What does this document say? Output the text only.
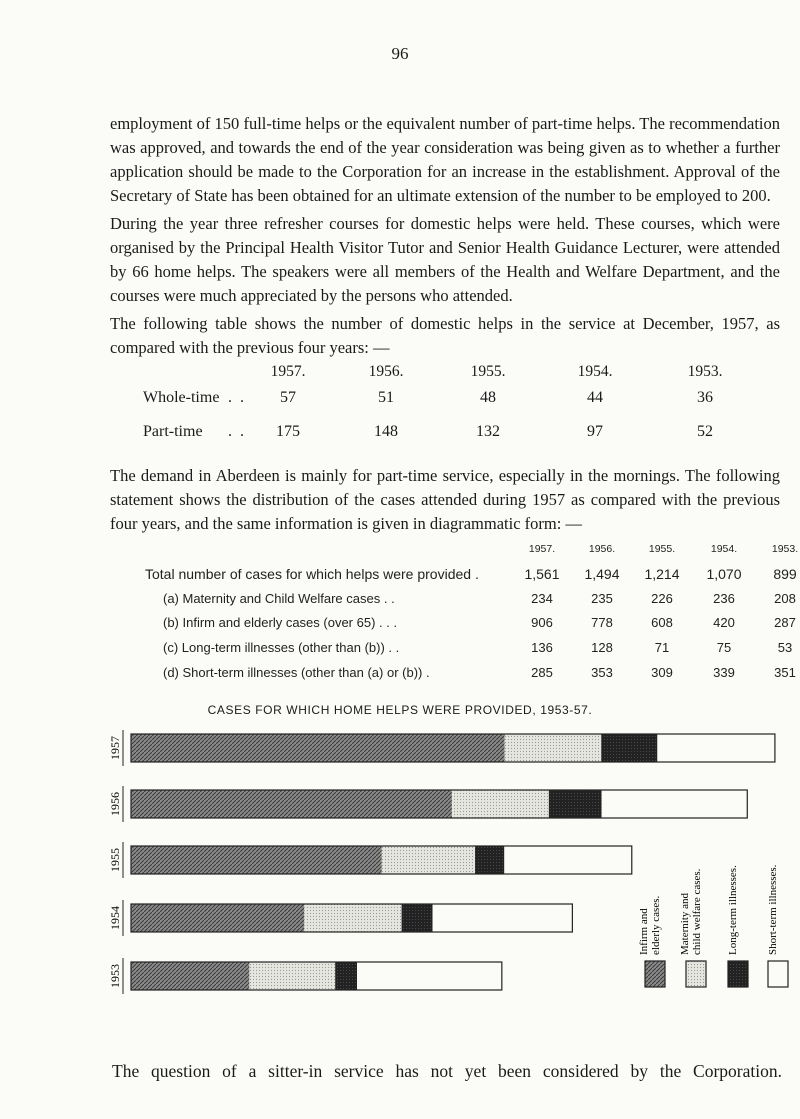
96

employment of 150 full-time helps or the equivalent number of part-time helps. The recommendation was approved, and towards the end of the year consideration was being given as to whether a further application should be made to the Corporation for an increase in the establishment. Approval of the Secretary of State has been obtained for an ultimate extension of the number to be employed to 200.

During the year three refresher courses for domestic helps were held. These courses, which were organised by the Principal Health Visitor Tutor and Senior Health Guidance Lecturer, were attended by 66 home helps. The speakers were all members of the Health and Welfare Department, and the courses were much appreciated by the persons who attended.

The following table shows the number of domestic helps in the service at December, 1957, as compared with the previous four years: —

1957.	1956.	1955.	1954.	1953.
Whole-time .  .	57	51	48	44	36
Part-time .  .	175	148	132	97	52

The demand in Aberdeen is mainly for part-time service, especially in the mornings. The following statement shows the distribution of the cases attended during 1957 as compared with the previous four years, and the same information is given in diagrammatic form: —

1957.	1956.	1955.	1954.	1953.
Total number of cases for which helps were provided .	1,561	1,494	1,214	1,070	899
(a) Maternity and Child Welfare cases . .	234	235	226	236	208
(b) Infirm and elderly cases (over 65) . . .	906	778	608	420	287
(c) Long-term illnesses (other than (b)) . .	136	128	71	75	53
(d) Short-term illnesses (other than (a) or (b)) .	285	353	309	339	351
CASES FOR WHICH HOME HELPS WERE PROVIDED, 1953-57.
1957
1956
1955
1954
1953
Infirm and elderly cases. Maternity and child welfare cases. Long-term illnesses.	Short-term illnesses.
The question of a sitter-in service has not yet been considered by the Corporation.
